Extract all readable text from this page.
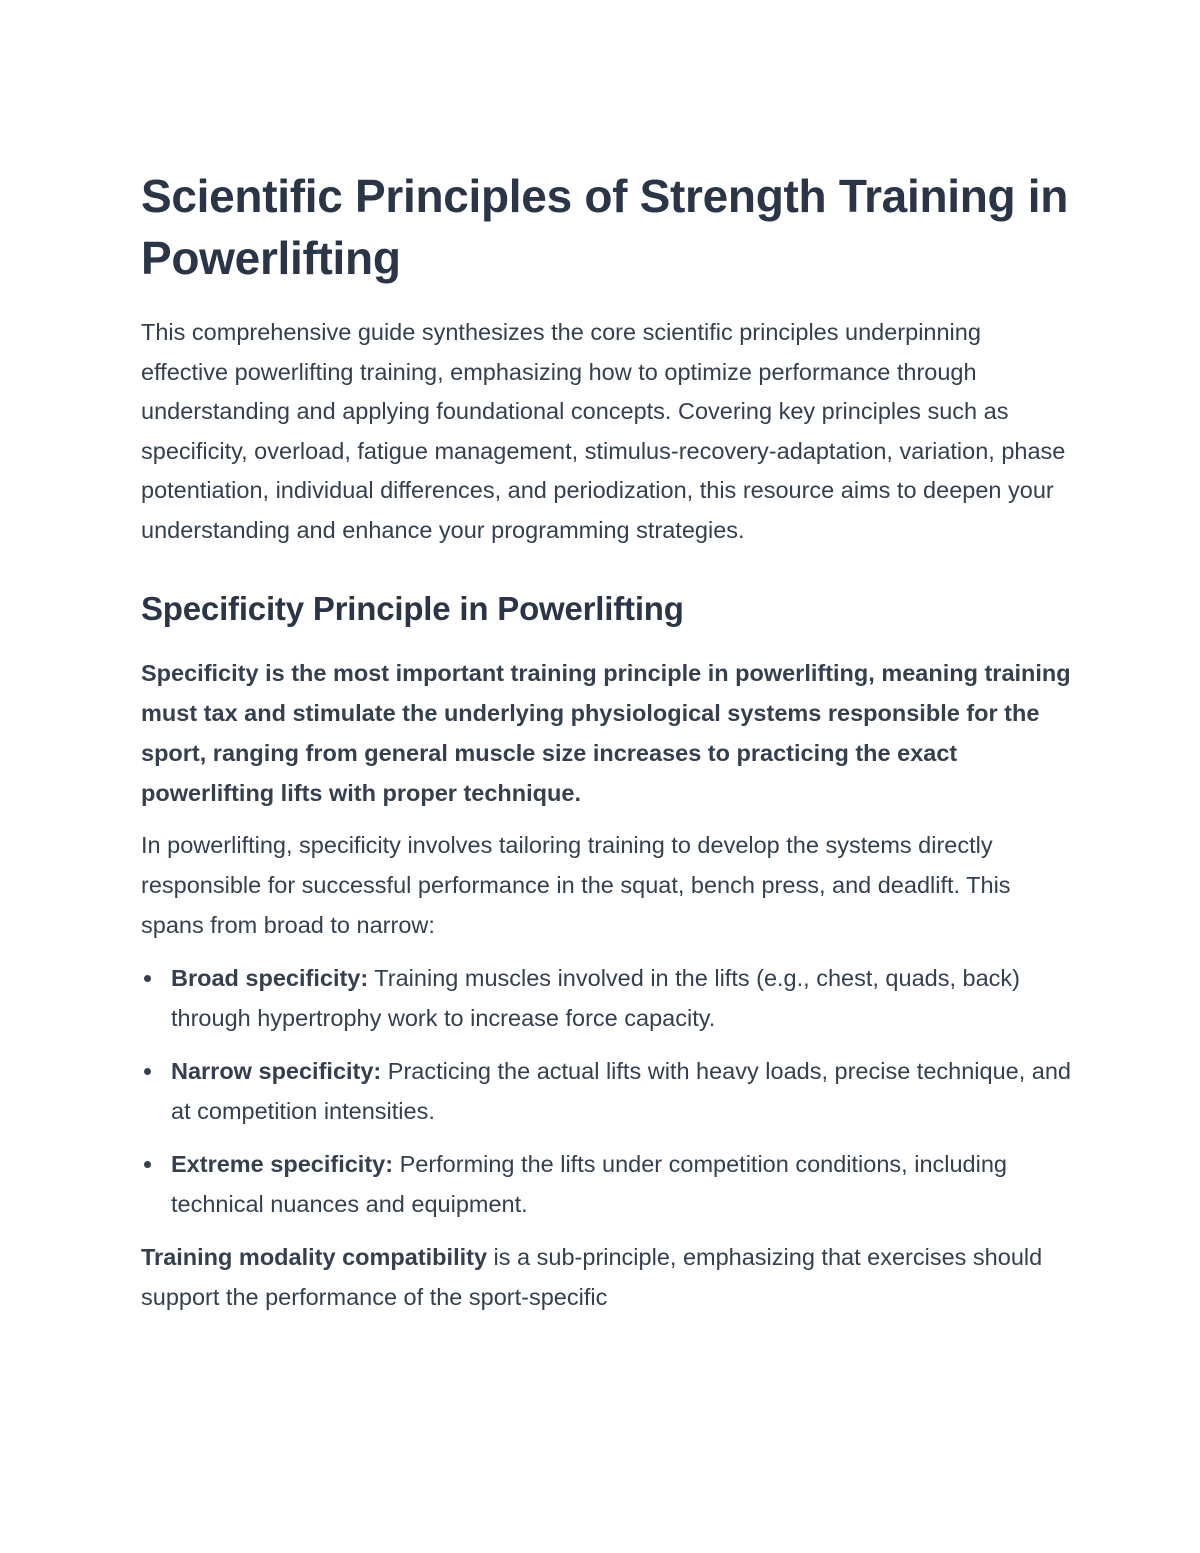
Scientific Principles of Strength Training in Powerlifting

This comprehensive guide synthesizes the core scientific principles underpinning effective powerlifting training, emphasizing how to optimize performance through understanding and applying foundational concepts. Covering key principles such as specificity, overload, fatigue management, stimulus-recovery-adaptation, variation, phase potentiation, individual differences, and periodization, this resource aims to deepen your understanding and enhance your programming strategies.

Specificity Principle in Powerlifting

Specificity is the most important training principle in powerlifting, meaning training must tax and stimulate the underlying physiological systems responsible for the sport, ranging from general muscle size increases to practicing the exact powerlifting lifts with proper technique.

In powerlifting, specificity involves tailoring training to develop the systems directly responsible for successful performance in the squat, bench press, and deadlift. This spans from broad to narrow:

Broad specificity: Training muscles involved in the lifts (e.g., chest, quads, back) through hypertrophy work to increase force capacity.
Narrow specificity: Practicing the actual lifts with heavy loads, precise technique, and at competition intensities.
Extreme specificity: Performing the lifts under competition conditions, including technical nuances and equipment.

Training modality compatibility is a sub-principle, emphasizing that exercises should support the performance of the sport-specific
